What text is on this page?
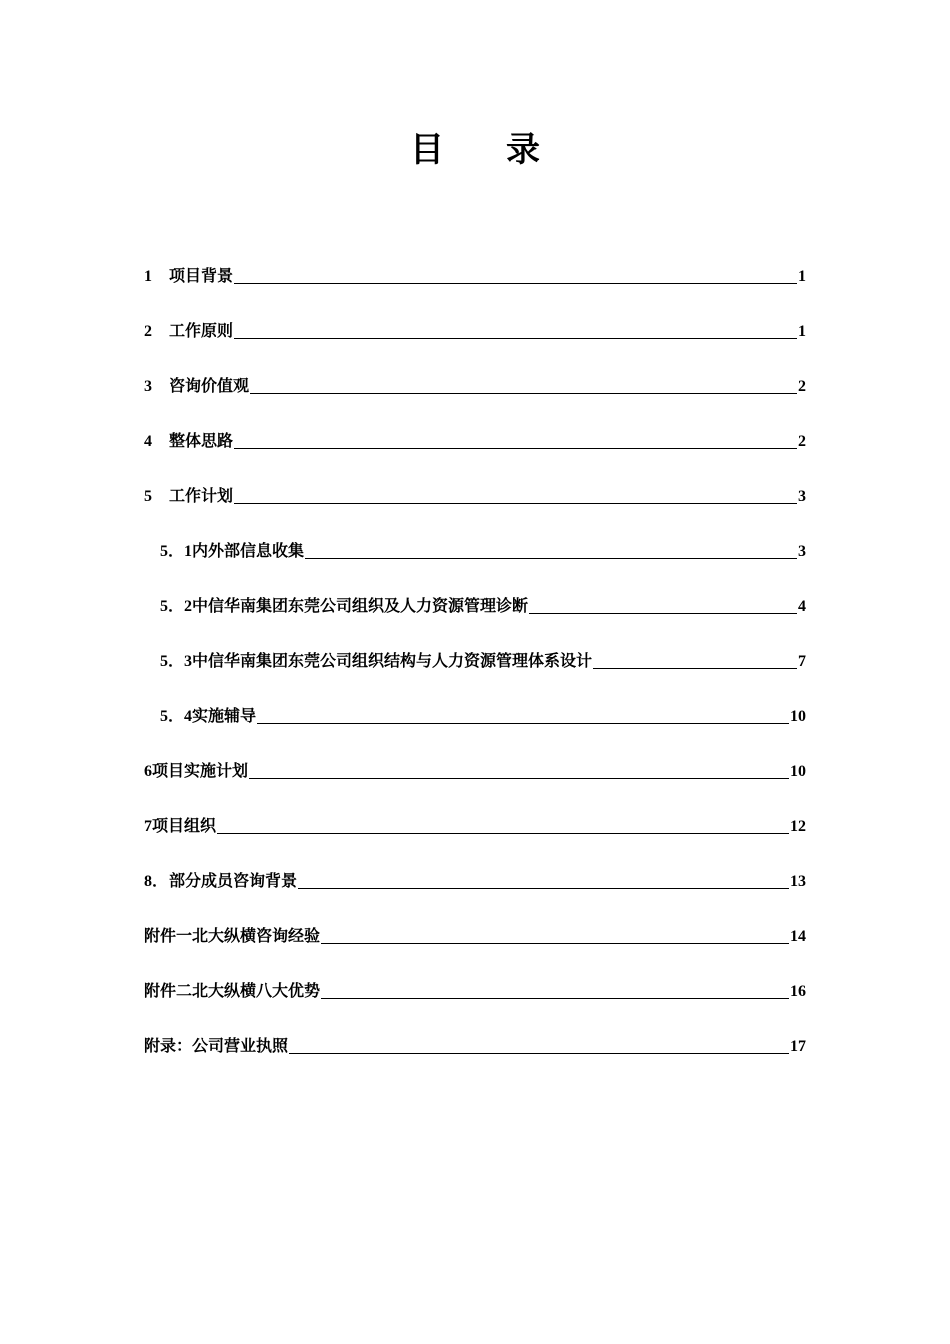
目 录
1	项目背景	1
2	工作原则	1
3	咨询价值观	2
4	整体思路	2
5	工作计划	3
5．1 内外部信息收集	3
5．2 中信华南集团东莞公司组织及人力资源管理诊断	4
5．3 中信华南集团东莞公司组织结构与人力资源管理体系设计	7
5．4 实施辅导	10
6 项目实施计划	10
7 项目组织	12
8． 部分成员咨询背景	13
附件一北大纵横咨询经验	14
附件二北大纵横八大优势	16
附录：公司营业执照	17
